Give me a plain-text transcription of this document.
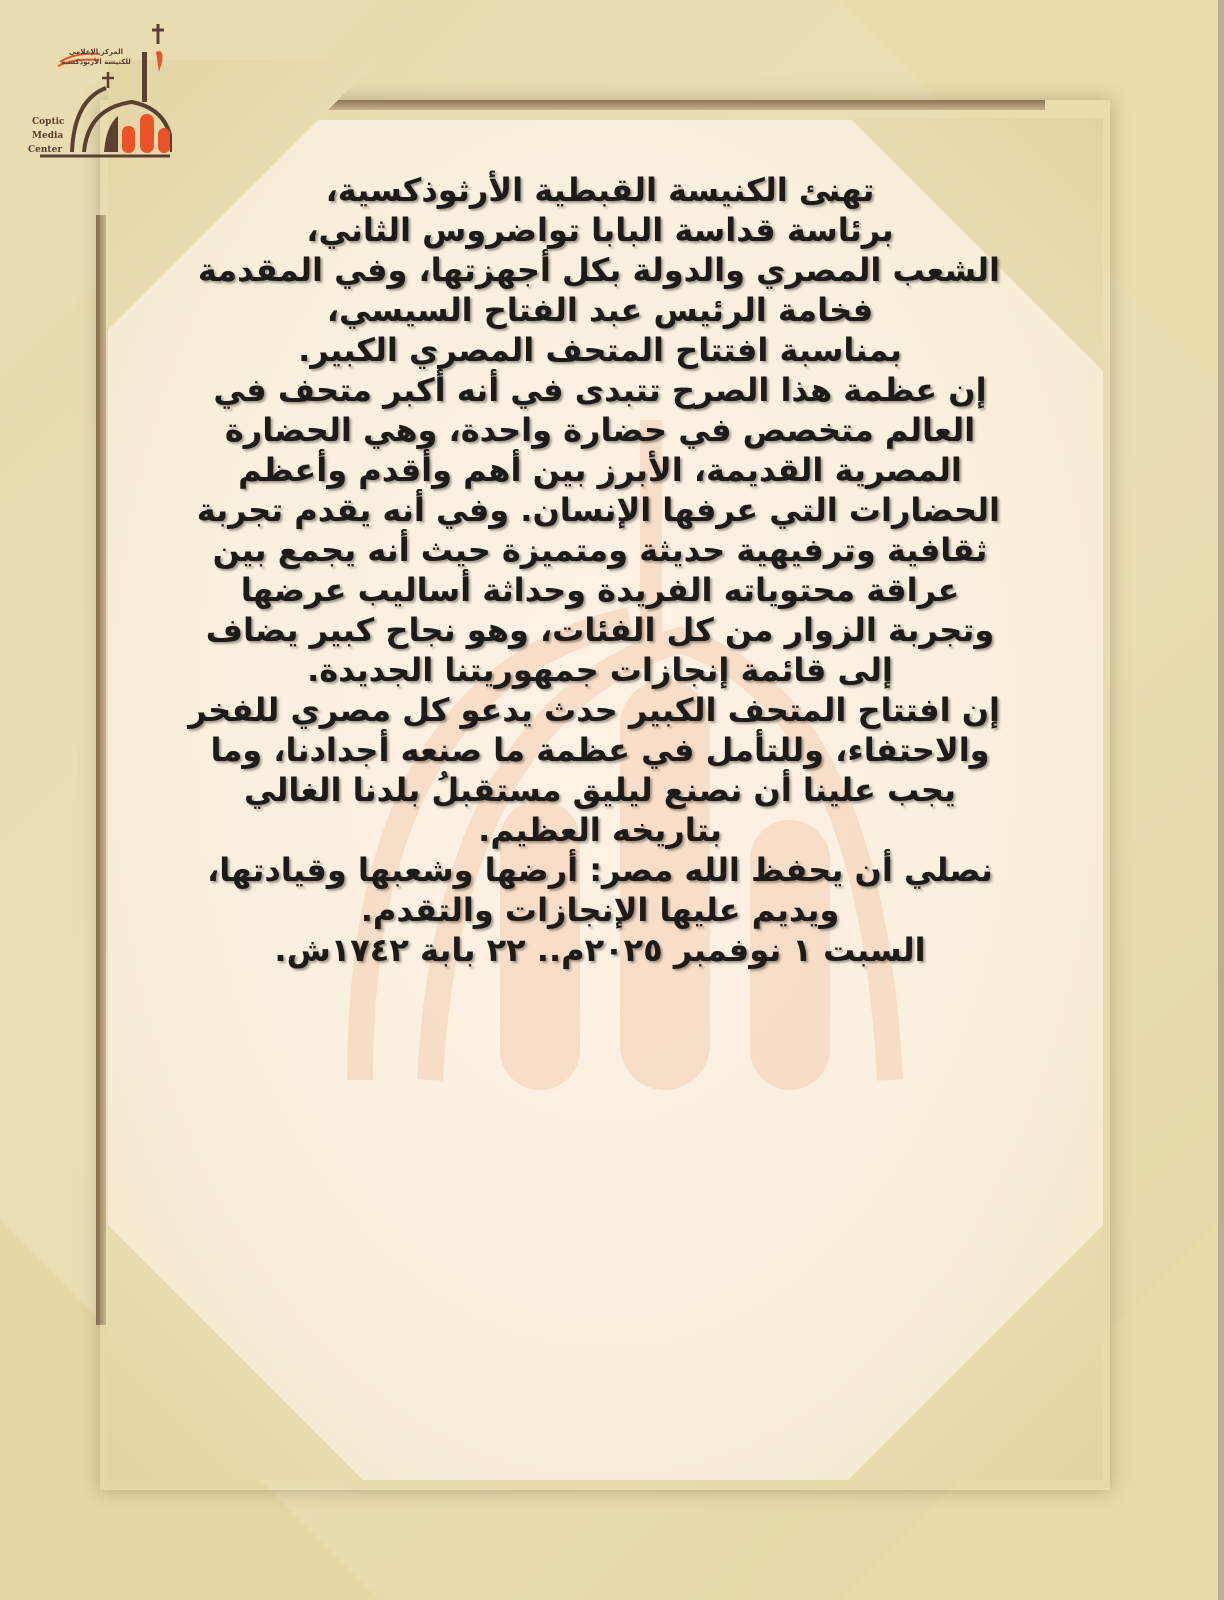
المركز الإعلامي
للكنيسة الأرثوذكسية
Coptic
Media
Center

تهنئ الكنيسة القبطية الأرثوذكسية،
برئاسة قداسة البابا تواضروس الثاني،
الشعب المصري والدولة بكل أجهزتها، وفي المقدمة
فخامة الرئيس عبد الفتاح السيسي،
بمناسبة افتتاح المتحف المصري الكبير.

إن عظمة هذا الصرح تتبدى في أنه أكبر متحف في
العالم متخصص في حضارة واحدة، وهي الحضارة
المصرية القديمة، الأبرز بين أهم وأقدم وأعظم
الحضارات التي عرفها الإنسان. وفي أنه يقدم تجربة
ثقافية وترفيهية حديثة ومتميزة حيث أنه يجمع بين
عراقة محتوياته الفريدة وحداثة أساليب عرضها
وتجربة الزوار من كل الفئات، وهو نجاح كبير يضاف
إلى قائمة إنجازات جمهوريتنا الجديدة.

إن افتتاح المتحف الكبير حدث يدعو كل مصري للفخر
والاحتفاء، وللتأمل في عظمة ما صنعه أجدادنا، وما
يجب علينا أن نصنع ليليق مستقبلُ بلدنا الغالي
بتاريخه العظيم.

نصلي أن يحفظ الله مصر: أرضها وشعبها وقيادتها،
ويديم عليها الإنجازات والتقدم.

السبت ١ نوفمبر ٢٠٢٥م.. ٢٢ بابة ١٧٤٢ش.
